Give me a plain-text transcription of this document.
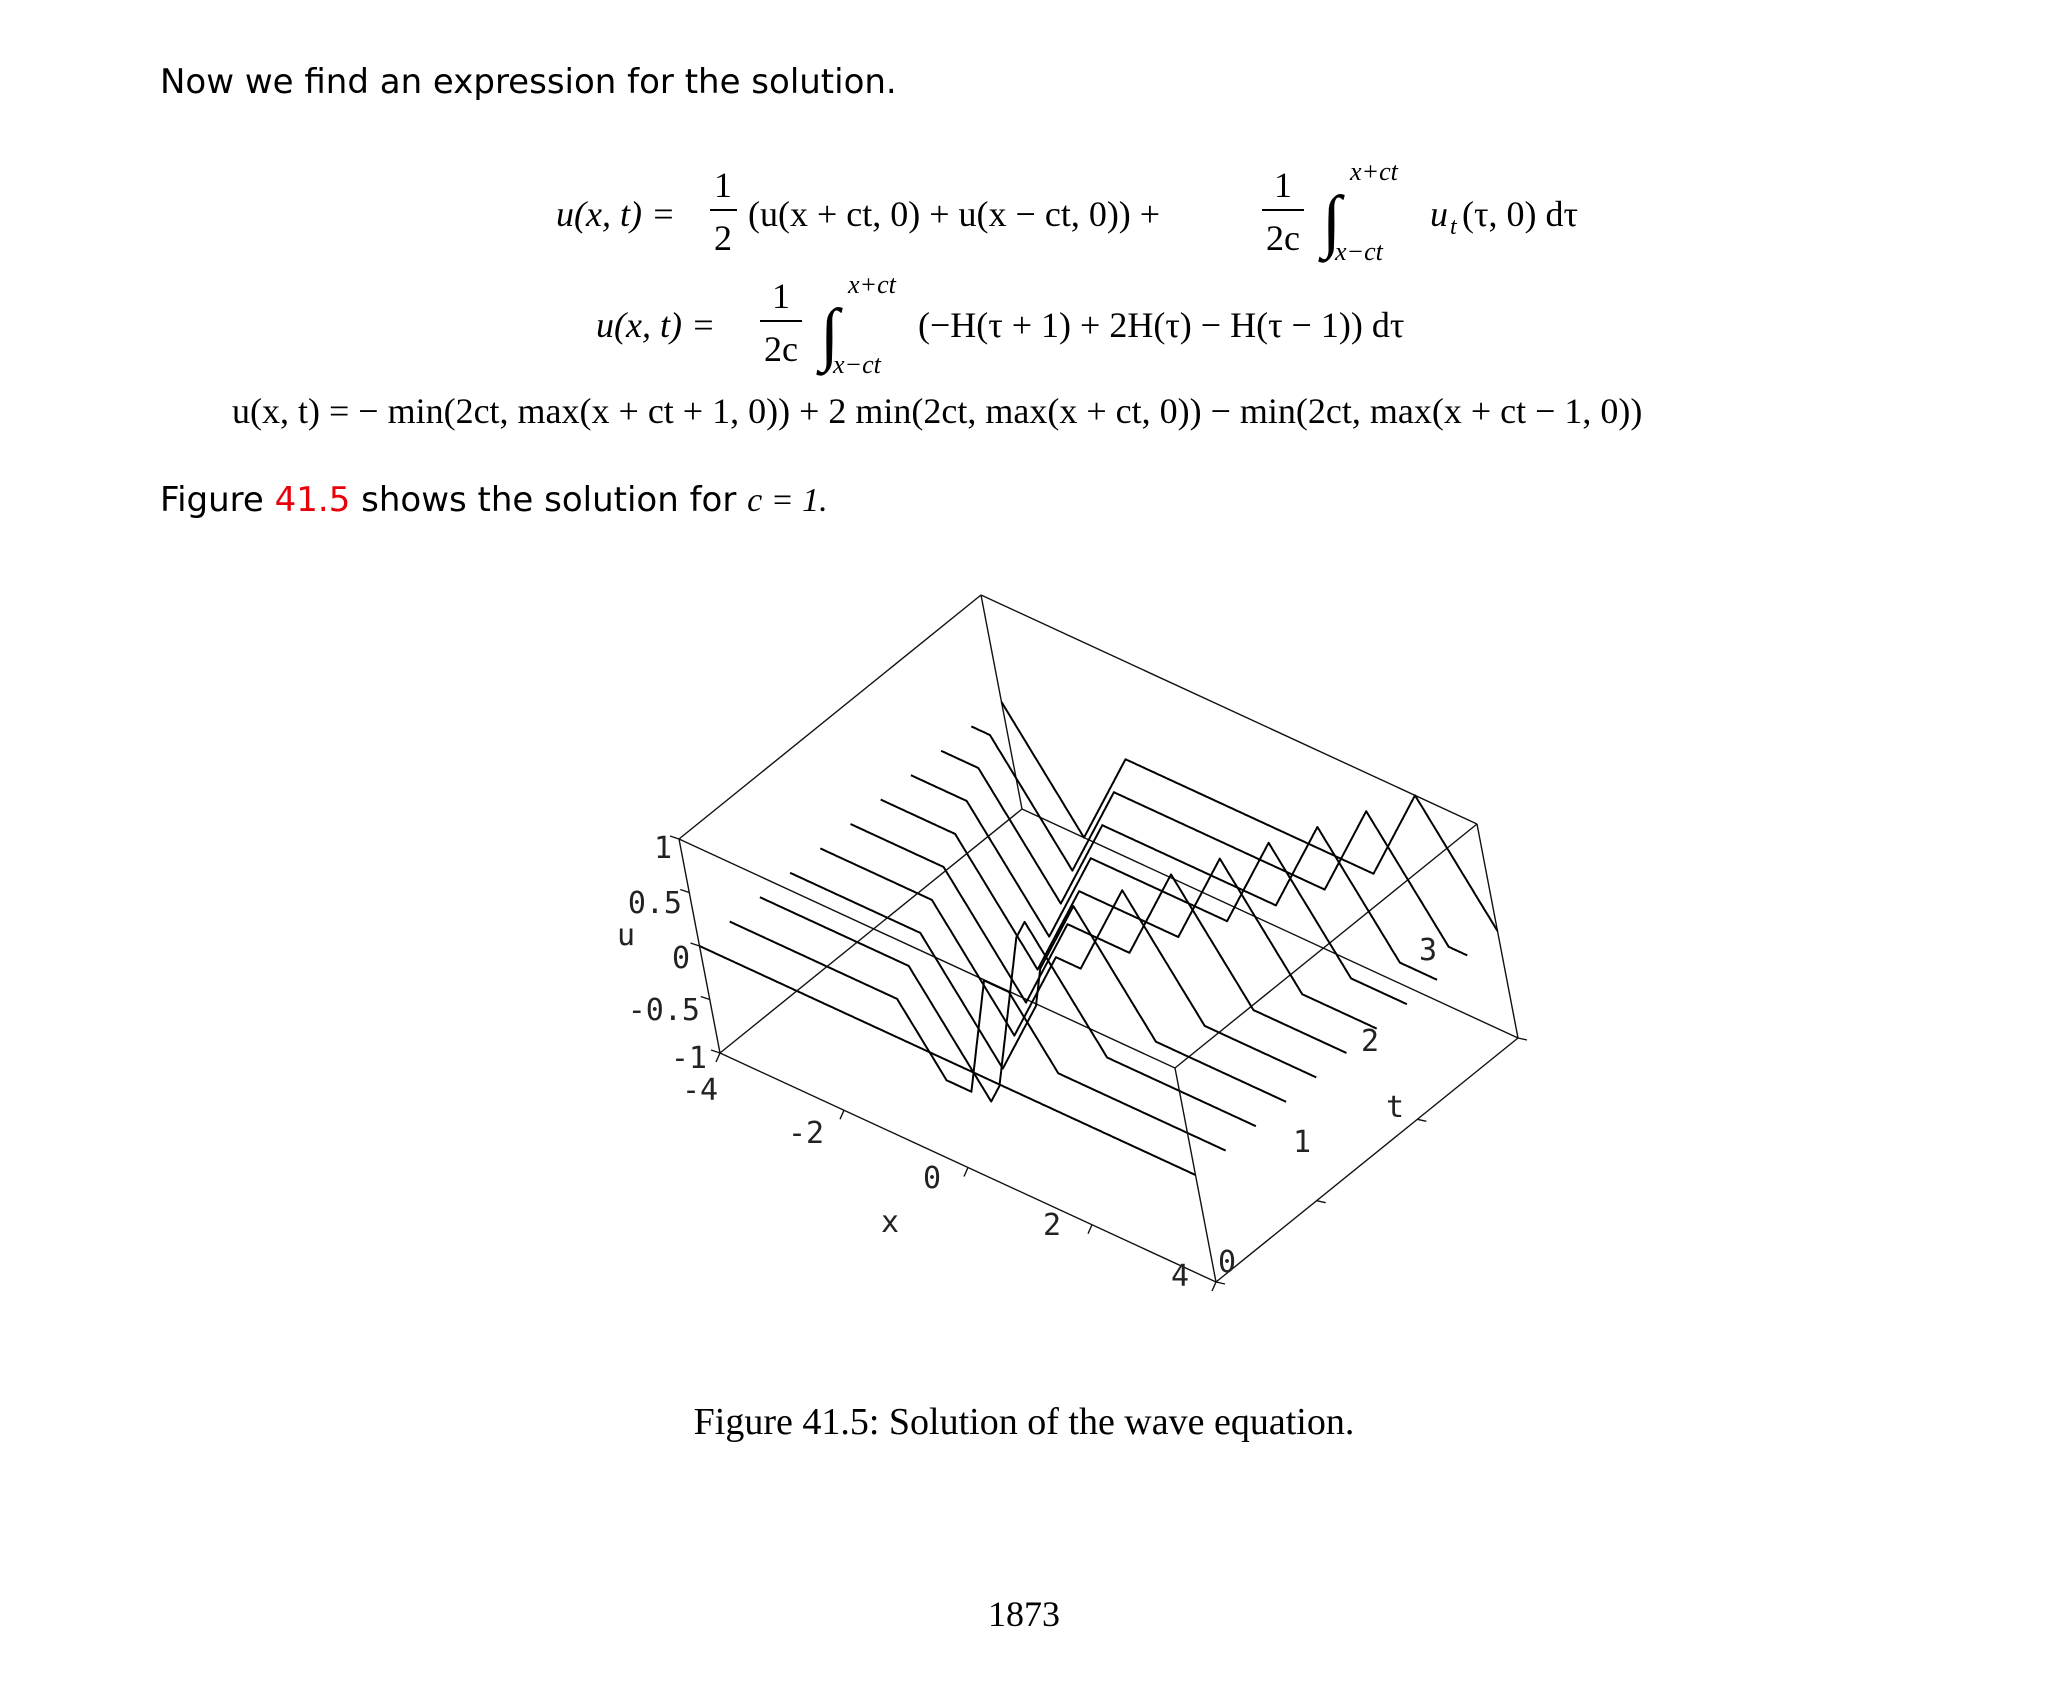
Now we find an expression for the solution.
u(x, t) =
1
2
(u(x + ct, 0) + u(x − ct, 0)) +
1
2c ∫
x+ct
x−ct
u t (τ, 0) dτ
u(x, t) =
1
2c ∫
x+ct
x−ct
(−H(τ + 1) + 2H(τ) − H(τ − 1)) dτ
u(x, t) = − min(2ct, max(x + ct + 1, 0)) + 2 min(2ct, max(x + ct, 0)) − min(2ct, max(x + ct − 1, 0))
Figure 41.5 shows the solution for c = 1.
1
0.5
0
-0.5
-1
u
-4
-2
0
2
4
x
0
1
2
3
t
Figure 41.5: Solution of the wave equation.
1873
